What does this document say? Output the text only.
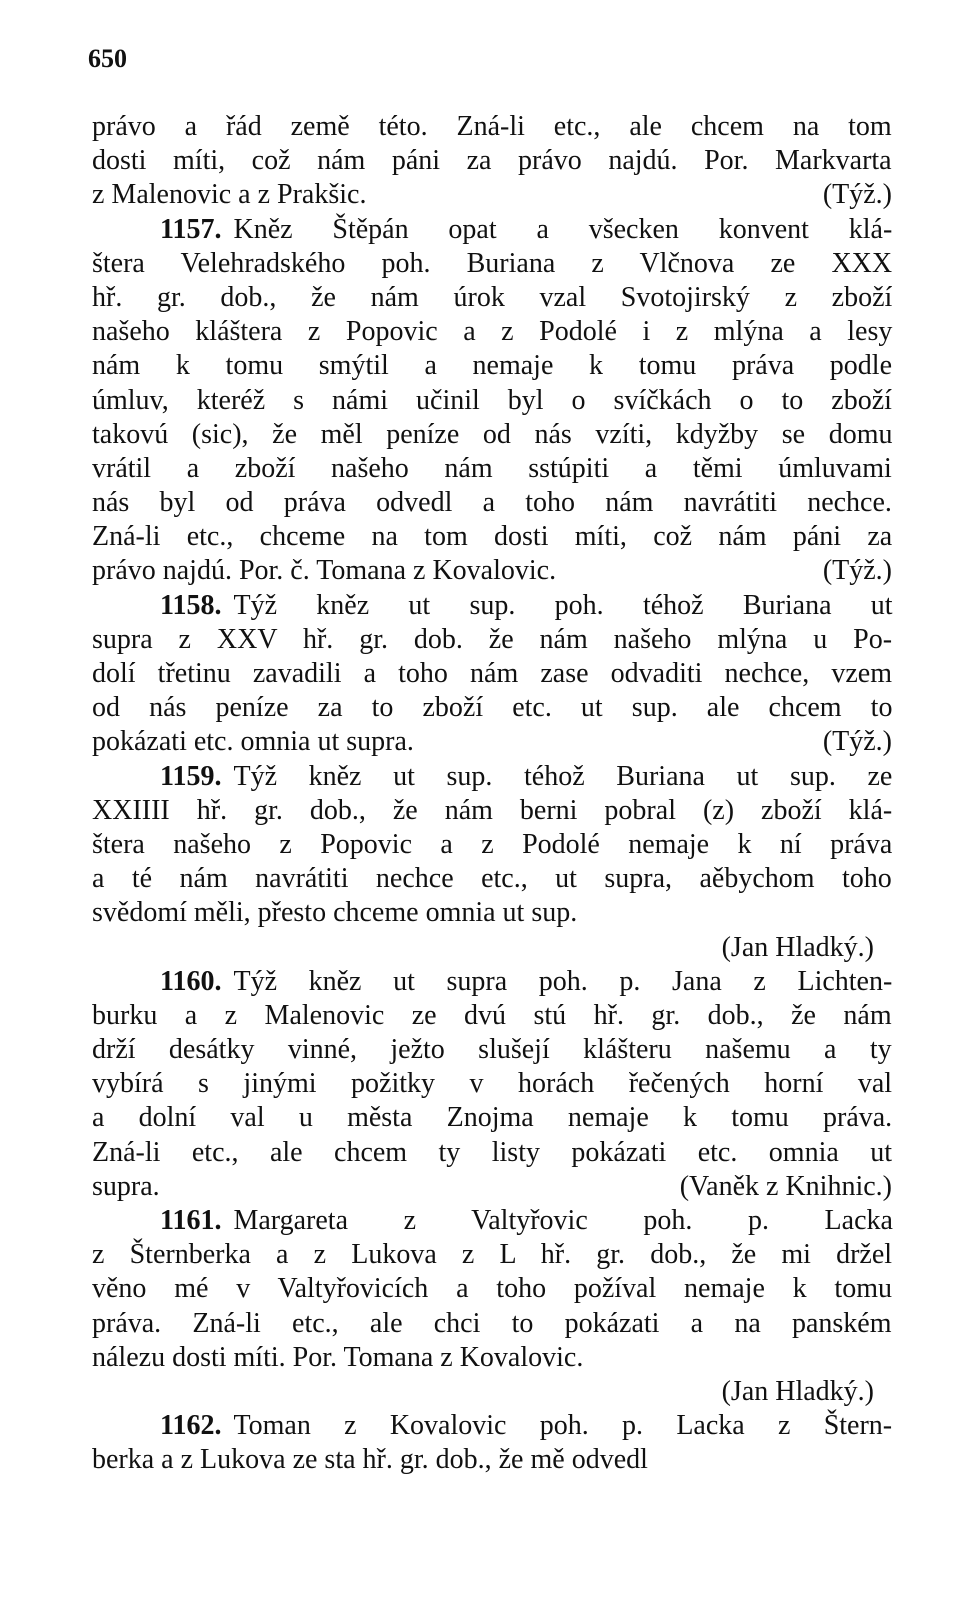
650
právo a řád země této. Zná-li etc., ale chcem na tom
dosti míti, což nám páni za právo najdú. Por. Markvarta
z Malenovic a z Prakšic.	(Týž.)
1157. Kněz Štěpán opat a všecken konvent klá-
štera Velehradského poh. Buriana z Vlčnova ze XXX
hř. gr. dob., že nám úrok vzal Svotojirský z zboží
našeho kláštera z Popovic a z Podolé i z mlýna a lesy
nám k tomu smýtil a nemaje k tomu práva podle
úmluv, kteréž s námi učinil byl o svíčkách o to zboží
takovú (sic), že měl peníze od nás vzíti, kdyžby se domu
vrátil a zboží našeho nám sstúpiti a těmi úmluvami
nás byl od práva odvedl a toho nám navrátiti nechce.
Zná-li etc., chceme na tom dosti míti, což nám páni za
právo najdú. Por. č. Tomana z Kovalovic.	(Týž.)
1158. Týž kněz ut sup. poh. téhož Buriana ut
supra z XXV hř. gr. dob. že nám našeho mlýna u Po-
dolí třetinu zavadili a toho nám zase odvaditi nechce, vzem
od nás peníze za to zboží etc. ut sup. ale chcem to
pokázati etc. omnia ut supra.	(Týž.)
1159. Týž kněz ut sup. téhož Buriana ut sup. ze
XXIIII hř. gr. dob., že nám berni pobral (z) zboží klá-
štera našeho z Popovic a z Podolé nemaje k ní práva
a té nám navrátiti nechce etc., ut supra, aěbychom toho
svědomí měli, přesto chceme omnia ut sup.
(Jan Hladký.)
1160. Týž kněz ut supra poh. p. Jana z Lichten-
burku a z Malenovic ze dvú stú hř. gr. dob., že nám
drží desátky vinné, ježto slušejí klášteru našemu a ty
vybírá s jinými požitky v horách řečených horní val
a dolní val u města Znojma nemaje k tomu práva.
Zná-li etc., ale chcem ty listy pokázati etc. omnia ut
supra.	(Vaněk z Knihnic.)
1161. Margareta z Valtyřovic poh. p. Lacka
z Šternberka a z Lukova z L hř. gr. dob., že mi držel
věno mé v Valtyřovicích a toho požíval nemaje k tomu
práva. Zná-li etc., ale chci to pokázati a na panském
nálezu dosti míti. Por. Tomana z Kovalovic.
(Jan Hladký.)
1162. Toman z Kovalovic poh. p. Lacka z Štern-
berka a z Lukova ze sta hř. gr. dob., že mě odvedl
